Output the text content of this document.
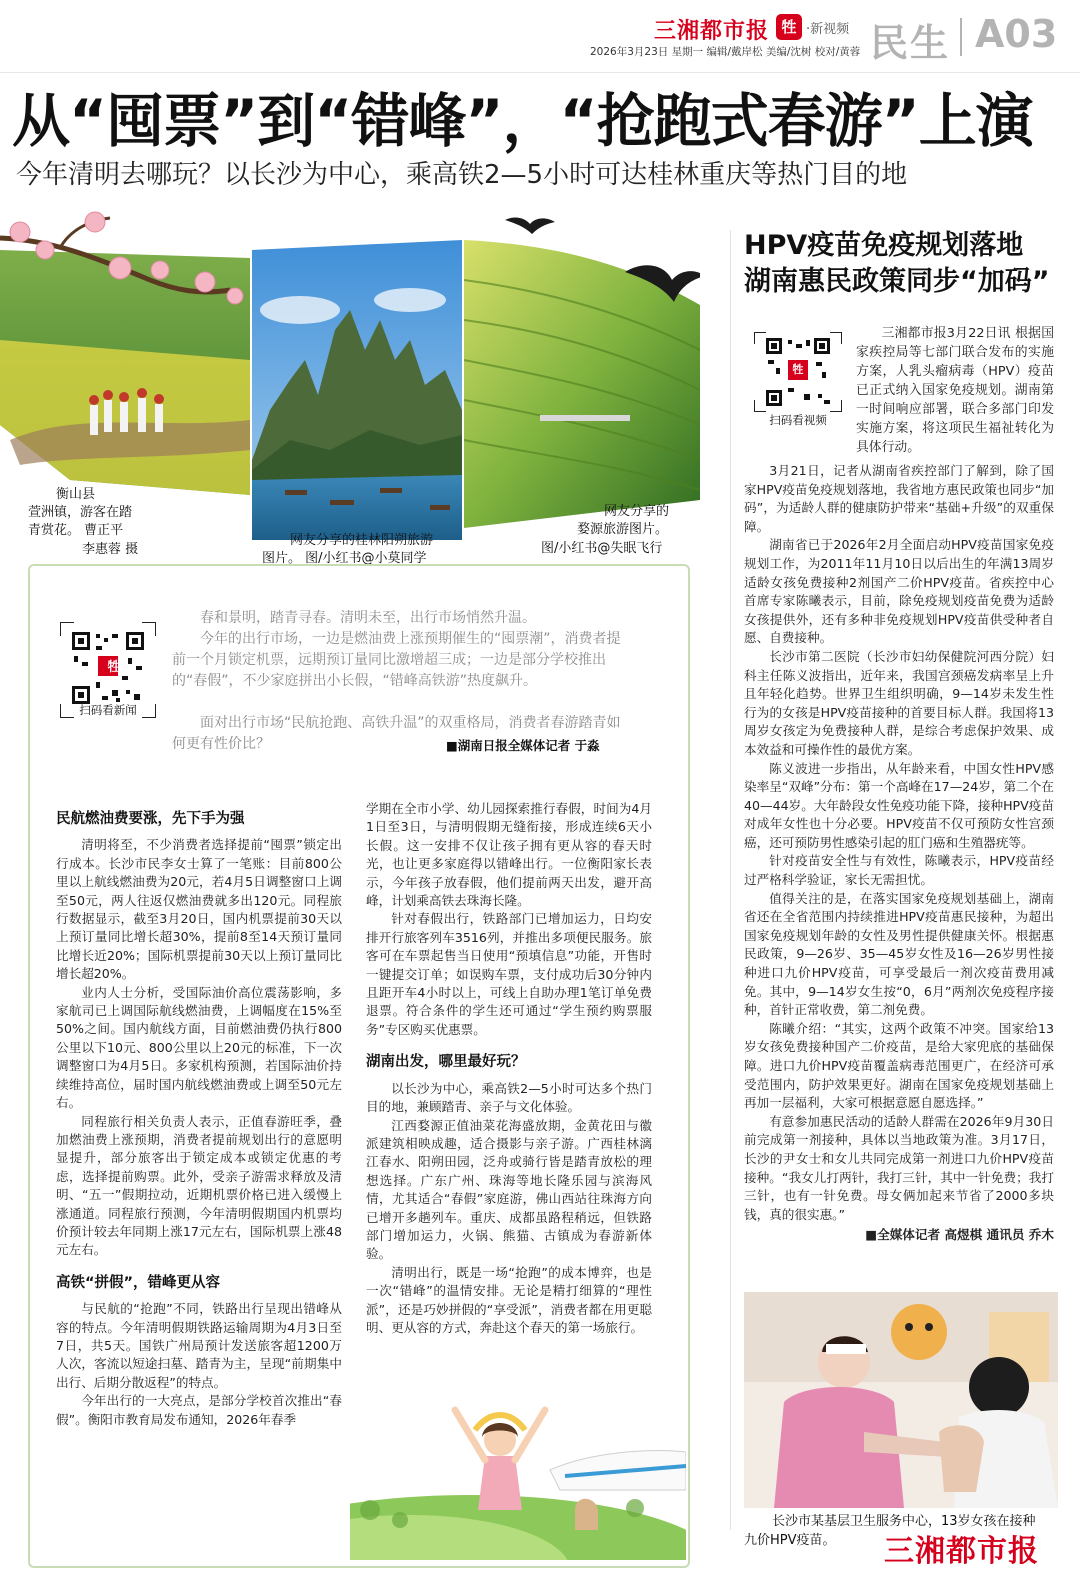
三湘都市报 牲 ·新视频
2026年3月23日 星期一 编辑/戴岸松 美编/沈树 校对/黄蓉 民生 A03
从“囤票”到“错峰”，“抢跑式春游”上演
今年清明去哪玩？以长沙为中心，乘高铁2—5小时可达桂林重庆等热门目的地
衡山县
萱洲镇，游客在踏
青赏花。 曹正平
李惠蓉 摄
网友分享的桂林阳朔旅游
图片。 图/小红书@小莫同学
网友分享的
婺源旅游图片。
图/小红书@失眠飞行
牲
扫码看新闻

春和景明，踏青寻春。清明未至，出行市场悄然升温。

今年的出行市场，一边是燃油费上涨预期催生的“囤票潮”，消费者提前一个月锁定机票，远期预订量同比激增超三成；一边是部分学校推出的“春假”，不少家庭拼出小长假，“错峰高铁游”热度飙升。

面对出行市场“民航抢跑、高铁升温”的双重格局，消费者春游踏青如何更有性价比？	■湖南日报全媒体记者 于淼
民航燃油费要涨，先下手为强

清明将至，不少消费者选择提前“囤票”锁定出行成本。长沙市民李女士算了一笔账：目前800公里以上航线燃油费为20元，若4月5日调整窗口上调至50元，两人往返仅燃油费就多出120元。同程旅行数据显示，截至3月20日，国内机票提前30天以上预订量同比增长超30%，提前8至14天预订量同比增长近20%；国际机票提前30天以上预订量同比增长超20%。

业内人士分析，受国际油价高位震荡影响，多家航司已上调国际航线燃油费，上调幅度在15%至50%之间。国内航线方面，目前燃油费仍执行800公里以下10元、800公里以上20元的标准，下一次调整窗口为4月5日。多家机构预测，若国际油价持续维持高位，届时国内航线燃油费或上调至50元左右。

同程旅行相关负责人表示，正值春游旺季，叠加燃油费上涨预期，消费者提前规划出行的意愿明显提升，部分旅客出于锁定成本或锁定优惠的考虑，选择提前购票。此外，受亲子游需求释放及清明、“五一”假期拉动，近期机票价格已进入缓慢上涨通道。同程旅行预测，今年清明假期国内机票均价预计较去年同期上涨17元左右，国际机票上涨48元左右。

高铁“拼假”，错峰更从容

与民航的“抢跑”不同，铁路出行呈现出错峰从容的特点。今年清明假期铁路运输周期为4月3日至7日，共5天。国铁广州局预计发送旅客超1200万人次，客流以短途扫墓、踏青为主，呈现“前期集中出行、后期分散返程”的特点。

今年出行的一大亮点，是部分学校首次推出“春假”。衡阳市教育局发布通知，2026年春季

学期在全市小学、幼儿园探索推行春假，时间为4月1日至3日，与清明假期无缝衔接，形成连续6天小长假。这一安排不仅让孩子拥有更从容的春天时光，也让更多家庭得以错峰出行。一位衡阳家长表示，今年孩子放春假，他们提前两天出发，避开高峰，计划乘高铁去珠海长隆。

针对春假出行，铁路部门已增加运力，日均安排开行旅客列车3516列，并推出多项便民服务。旅客可在车票起售当日使用“预填信息”功能，开售时一键提交订单；如误购车票，支付成功后30分钟内且距开车4小时以上，可线上自助办理1笔订单免费退票。符合条件的学生还可通过“学生预约购票服务”专区购买优惠票。

湖南出发，哪里最好玩？

以长沙为中心，乘高铁2—5小时可达多个热门目的地，兼顾踏青、亲子与文化体验。

江西婺源正值油菜花海盛放期，金黄花田与徽派建筑相映成趣，适合摄影与亲子游。广西桂林漓江春水、阳朔田园，泛舟或骑行皆是踏青放松的理想选择。广东广州、珠海等地长隆乐园与滨海风情，尤其适合“春假”家庭游，佛山西站往珠海方向已增开多趟列车。重庆、成都虽路程稍远，但铁路部门增加运力，火锅、熊猫、古镇成为春游新体验。

清明出行，既是一场“抢跑”的成本博弈，也是一次“错峰”的温情安排。无论是精打细算的“理性派”，还是巧妙拼假的“享受派”，消费者都在用更聪明、更从容的方式，奔赴这个春天的第一场旅行。

HPV疫苗免疫规划落地
湖南惠民政策同步“加码”
牲
扫码看视频

三湘都市报3月22日讯 根据国家疾控局等七部门联合发布的实施方案，人乳头瘤病毒（HPV）疫苗已正式纳入国家免疫规划。湖南第一时间响应部署，联合多部门印发实施方案，将这项民生福祉转化为具体行动。

3月21日，记者从湖南省疾控部门了解到，除了国家HPV疫苗免疫规划落地，我省地方惠民政策也同步“加码”，为适龄人群的健康防护带来“基础+升级”的双重保障。

湖南省已于2026年2月全面启动HPV疫苗国家免疫规划工作，为2011年11月10日以后出生的年满13周岁适龄女孩免费接种2剂国产二价HPV疫苗。省疾控中心首席专家陈曦表示，目前，除免疫规划疫苗免费为适龄女孩提供外，还有多种非免疫规划HPV疫苗供受种者自愿、自费接种。

长沙市第二医院（长沙市妇幼保健院河西分院）妇科主任陈义波指出，近年来，我国宫颈癌发病率呈上升且年轻化趋势。世界卫生组织明确，9—14岁未发生性行为的女孩是HPV疫苗接种的首要目标人群。我国将13周岁女孩定为免费接种人群，是综合考虑保护效果、成本效益和可操作性的最优方案。

陈义波进一步指出，从年龄来看，中国女性HPV感染率呈“双峰”分布：第一个高峰在17—24岁，第二个在40—44岁。大年龄段女性免疫功能下降，接种HPV疫苗对成年女性也十分必要。HPV疫苗不仅可预防女性宫颈癌，还可预防男性感染引起的肛门癌和生殖器疣等。

针对疫苗安全性与有效性，陈曦表示，HPV疫苗经过严格科学验证，家长无需担忧。

值得关注的是，在落实国家免疫规划基础上，湖南省还在全省范围内持续推进HPV疫苗惠民接种，为超出国家免疫规划年龄的女性及男性提供健康关怀。根据惠民政策，9—26岁、35—45岁女性及16—26岁男性接种进口九价HPV疫苗，可享受最后一剂次疫苗费用减免。其中，9—14岁女生按“0，6月”两剂次免疫程序接种，首针正常收费，第二剂免费。

陈曦介绍：“其实，这两个政策不冲突。国家给13岁女孩免费接种国产二价疫苗，是给大家兜底的基础保障。进口九价HPV疫苗覆盖病毒范围更广，在经济可承受范围内，防护效果更好。湖南在国家免疫规划基础上再加一层福利，大家可根据意愿自愿选择。”

有意参加惠民活动的适龄人群需在2026年9月30日前完成第一剂接种，具体以当地政策为准。3月17日，长沙的尹女士和女儿共同完成第一剂进口九价HPV疫苗接种。“我女儿打两针，我打三针，其中一针免费；我打三针，也有一针免费。母女俩加起来节省了2000多块钱，真的很实惠。”

■全媒体记者 高煜棋 通讯员 乔木
长沙市某基层卫生服务中心，13岁女孩在接种
九价HPV疫苗。 三湘都市报
